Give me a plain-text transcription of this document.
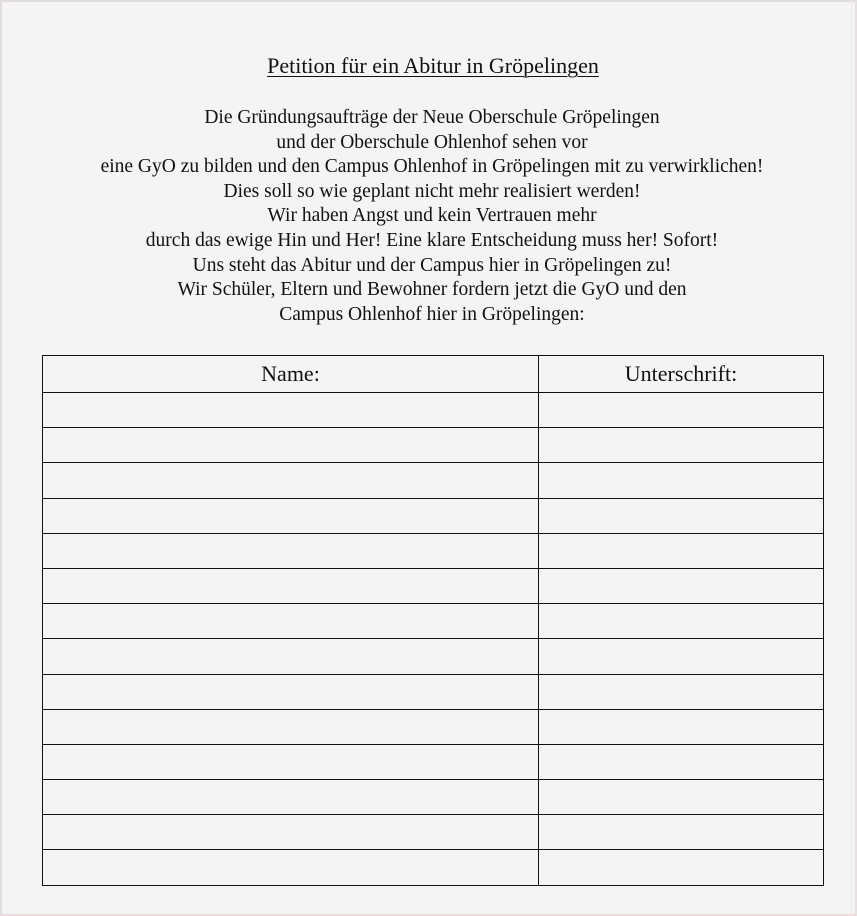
Petition für ein Abitur in Gröpelingen
Die Gründungsaufträge der Neue Oberschule Gröpelingen
und der Oberschule Ohlenhof sehen vor
eine GyO zu bilden und den Campus Ohlenhof in Gröpelingen mit zu verwirklichen!
Dies soll so wie geplant nicht mehr realisiert werden!
Wir haben Angst und kein Vertrauen mehr
durch das ewige Hin und Her! Eine klare Entscheidung muss her! Sofort!
Uns steht das Abitur und der Campus hier in Gröpelingen zu!
Wir Schüler, Eltern und Bewohner fordern jetzt die GyO und den
Campus Ohlenhof hier in Gröpelingen:
Name:	Unterschrift:
